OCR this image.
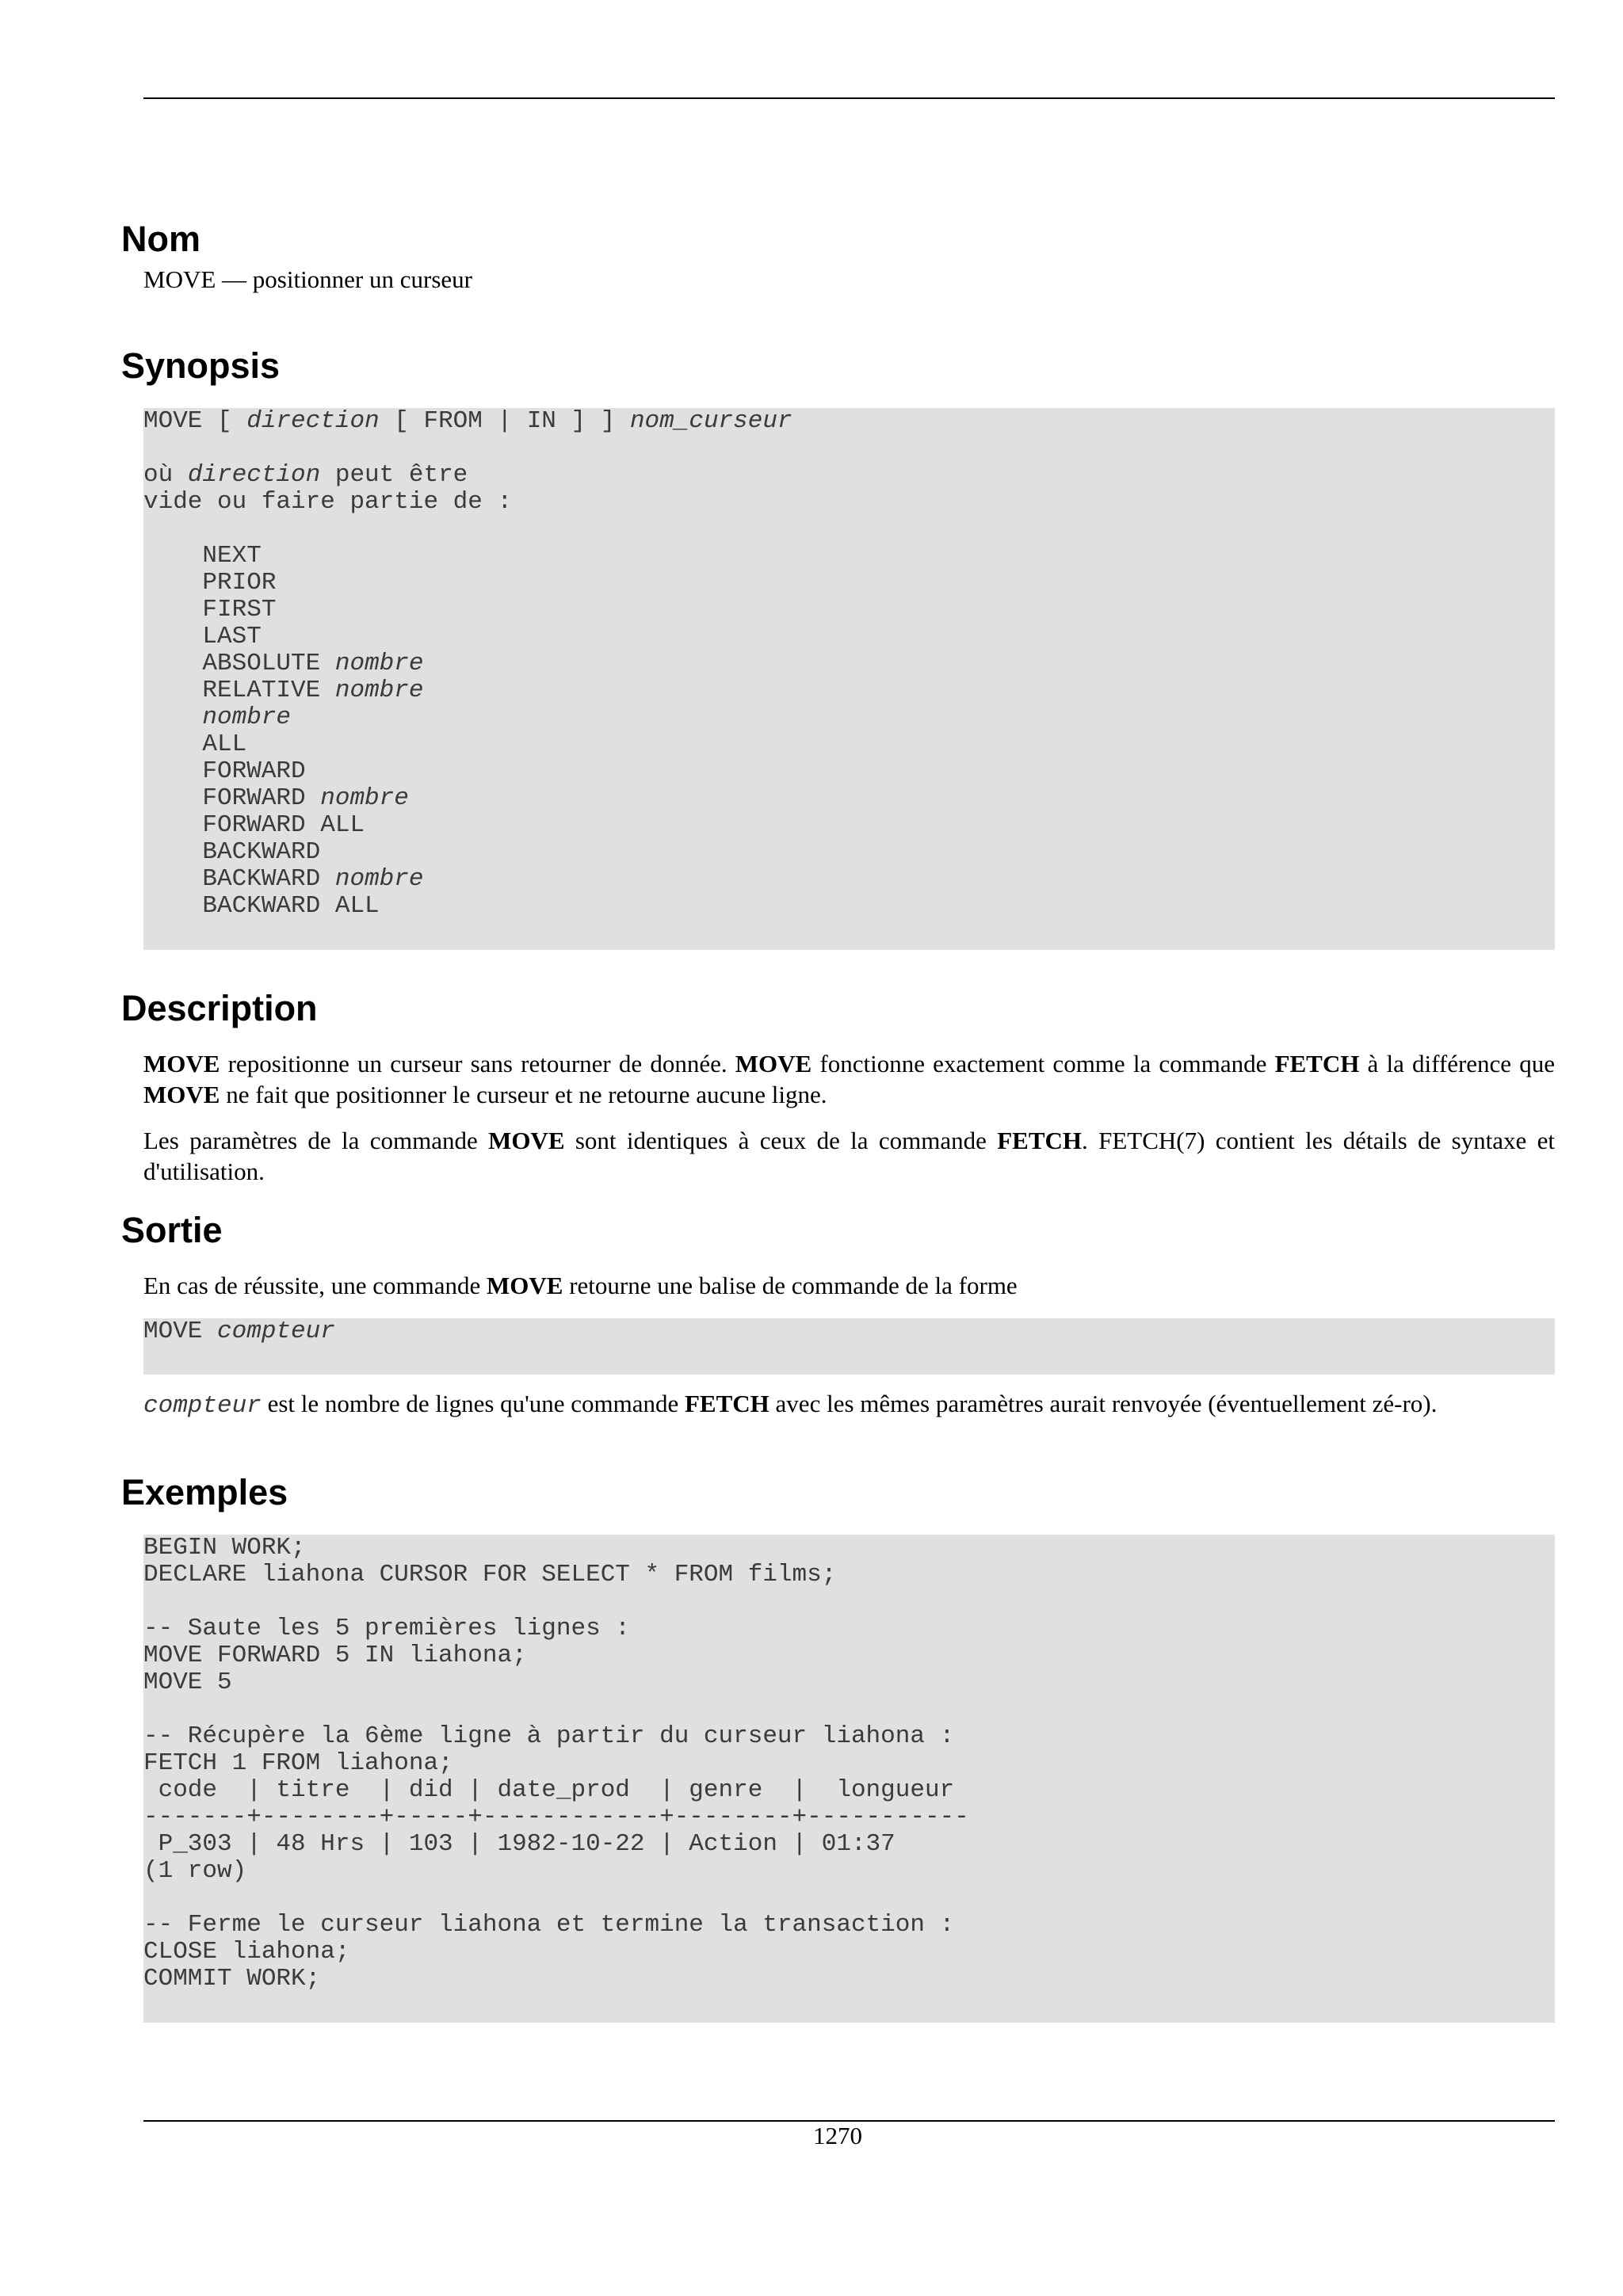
Nom

MOVE — positionner un curseur

Synopsis
MOVE [ direction [ FROM | IN ] ] nom_curseur
où direction peut être
vide ou faire partie de :
NEXT
PRIOR
FIRST
LAST
ABSOLUTE nombre
RELATIVE nombre
nombre
ALL
FORWARD
FORWARD nombre
FORWARD ALL
BACKWARD
BACKWARD nombre
BACKWARD ALL
Description

MOVE repositionne un curseur sans retourner de donnée. MOVE fonctionne exactement comme la commande FETCH à la différence que MOVE ne fait que positionner le curseur et ne retourne aucune ligne.

Les paramètres de la commande MOVE sont identiques à ceux de la commande FETCH. FETCH(7) contient les détails de syntaxe et d'utilisation.

Sortie

En cas de réussite, une commande MOVE retourne une balise de commande de la forme

MOVE compteur

compteur est le nombre de lignes qu'une commande FETCH avec les mêmes paramètres aurait renvoyée (éventuellement zé-ro).

Exemples
BEGIN WORK;
DECLARE liahona CURSOR FOR SELECT * FROM films;
-- Saute les 5 premières lignes :
MOVE FORWARD 5 IN liahona;
MOVE 5
-- Récupère la 6ème ligne à partir du curseur liahona :
FETCH 1 FROM liahona;
code  | titre  | did | date_prod  | genre  |  longueur
-------+--------+-----+------------+--------+-----------
P_303 | 48 Hrs | 103 | 1982-10-22 | Action | 01:37
(1 row)
-- Ferme le curseur liahona et termine la transaction :
CLOSE liahona;
COMMIT WORK;
1270
